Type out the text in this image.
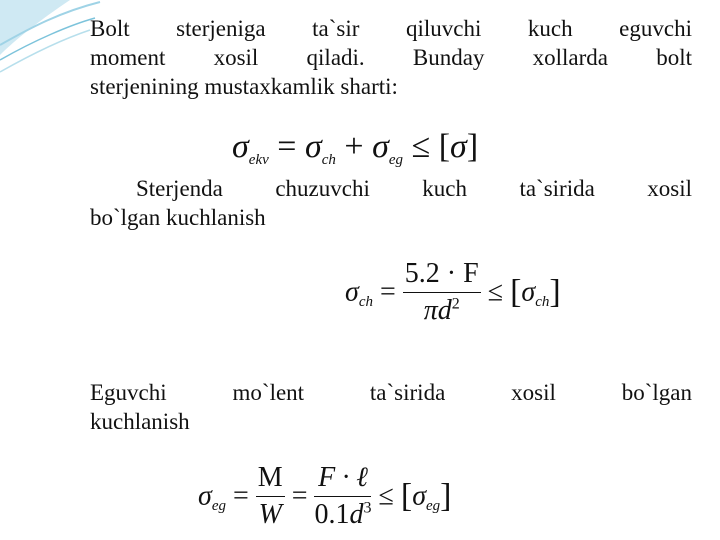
Bolt sterjeniga ta`sir qiluvchi kuch eguvchi
moment xosil qiladi. Bunday xollarda bolt
sterjenining mustaxkamlik sharti:
$\sigma_{ekv} = \sigma_{ch} + \sigma_{eg} \le [\sigma]$
Sterjenda chuzuvchi kuch ta`sirida xosil
bo`lgan kuchlanish
$\sigma_{ch} = \frac{5.2 \cdot F}{\pi d^2} \le [\sigma_{ch}]$
Eguvchi mo`lent ta`sirida xosil bo`lgan
kuchlanish
$\sigma_{eg} = \frac{M}{W} = \frac{\text{F · ℓ}}{0.1d^3} \le [\sigma_{eg}]$
